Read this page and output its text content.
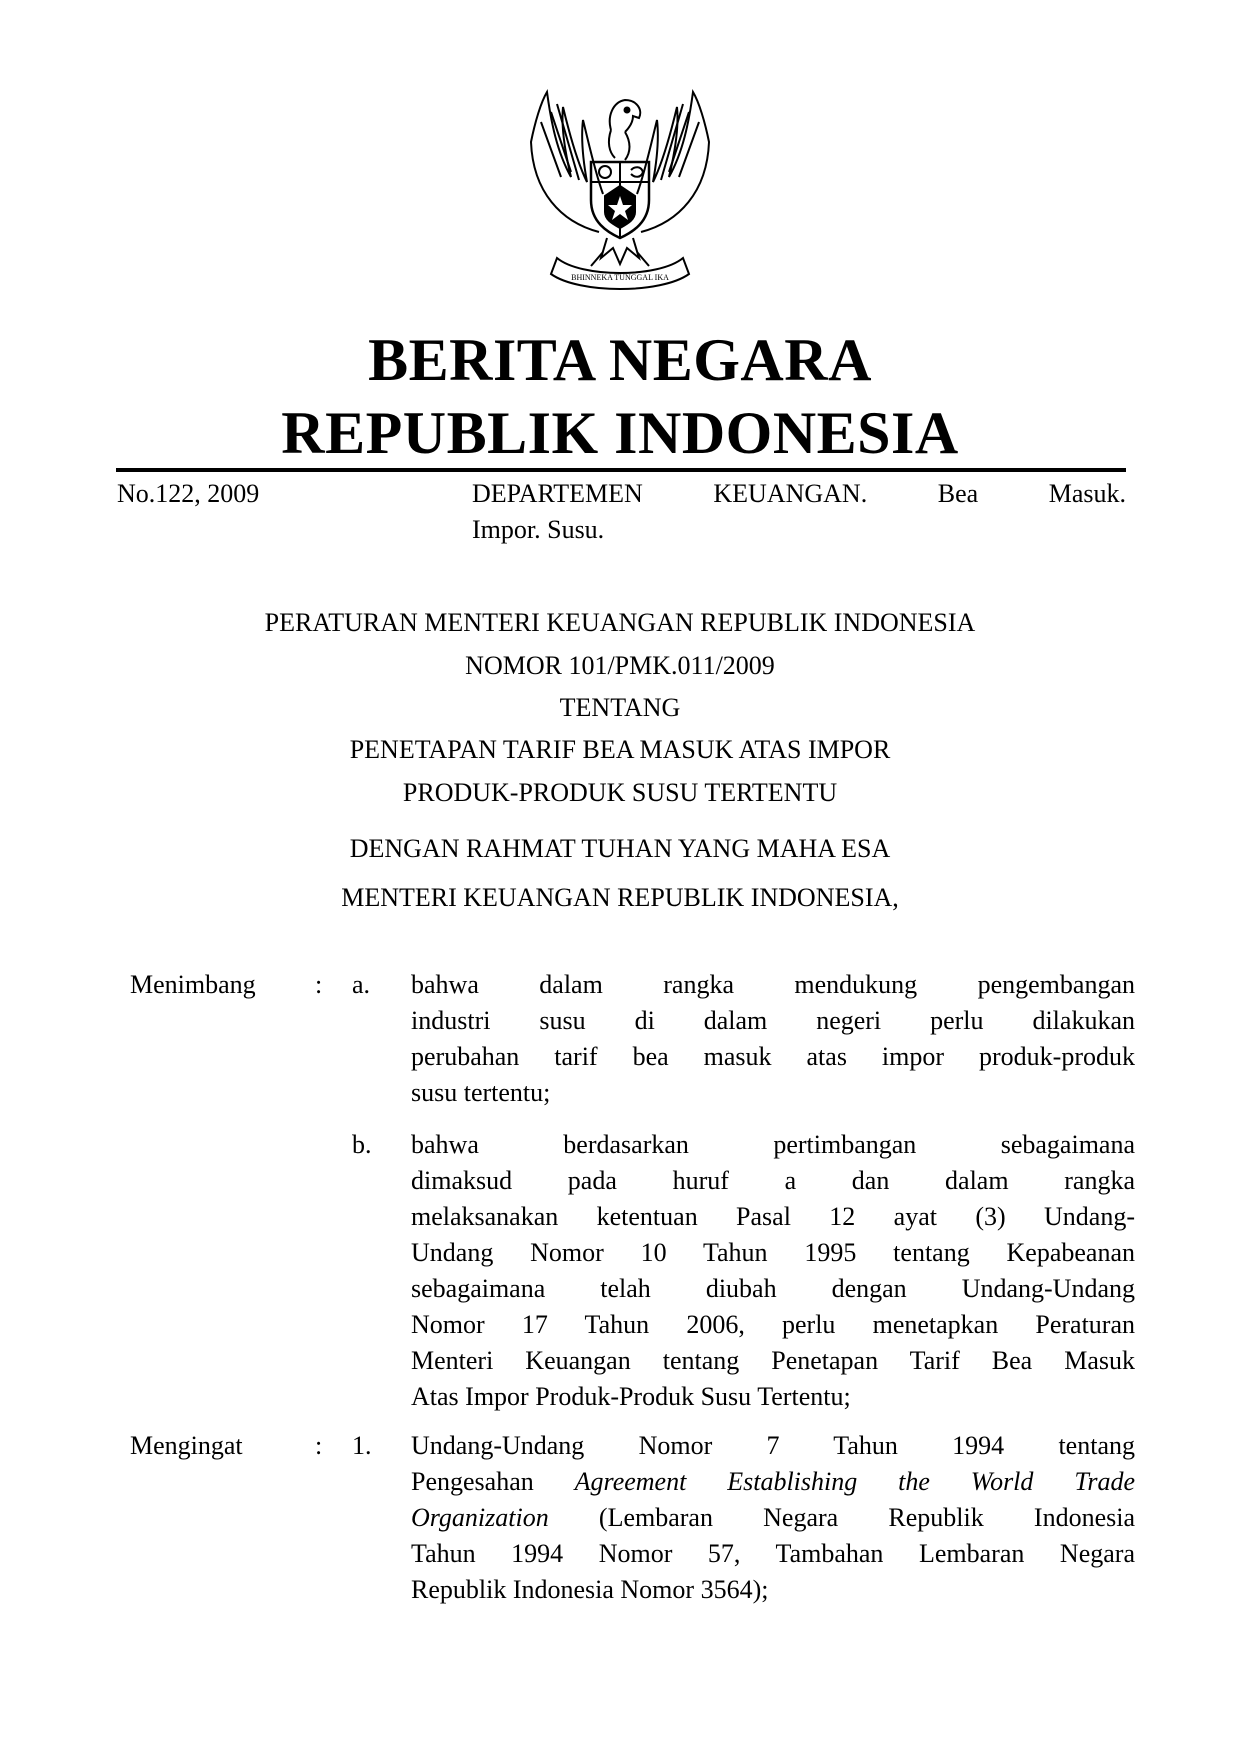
BHINNEKA TUNGGAL IKA
BERITA NEGARA
REPUBLIK INDONESIA
No.122, 2009	DEPARTEMEN KEUANGAN. Bea Masuk.
Impor. Susu.
PERATURAN MENTERI KEUANGAN REPUBLIK INDONESIA
NOMOR 101/PMK.011/2009
TENTANG
PENETAPAN TARIF BEA MASUK ATAS IMPOR
PRODUK-PRODUK SUSU TERTENTU
DENGAN RAHMAT TUHAN YANG MAHA ESA
MENTERI KEUANGAN REPUBLIK INDONESIA,
Menimbang : a. bahwa dalam rangka mendukung pengembangan
industri susu di dalam negeri perlu dilakukan
perubahan tarif bea masuk atas impor produk-produk
susu tertentu;
b. bahwa berdasarkan pertimbangan sebagaimana
dimaksud pada huruf a dan dalam rangka
melaksanakan ketentuan Pasal 12 ayat (3) Undang-
Undang Nomor 10 Tahun 1995 tentang Kepabeanan
sebagaimana telah diubah dengan Undang-Undang
Nomor 17 Tahun 2006, perlu menetapkan Peraturan
Menteri Keuangan tentang Penetapan Tarif Bea Masuk
Atas Impor Produk-Produk Susu Tertentu;
Mengingat	: 1. Undang-Undang Nomor 7 Tahun 1994 tentang
Pengesahan Agreement Establishing the World Trade
Organization (Lembaran Negara Republik Indonesia
Tahun 1994 Nomor 57, Tambahan Lembaran Negara
Republik Indonesia Nomor 3564);
